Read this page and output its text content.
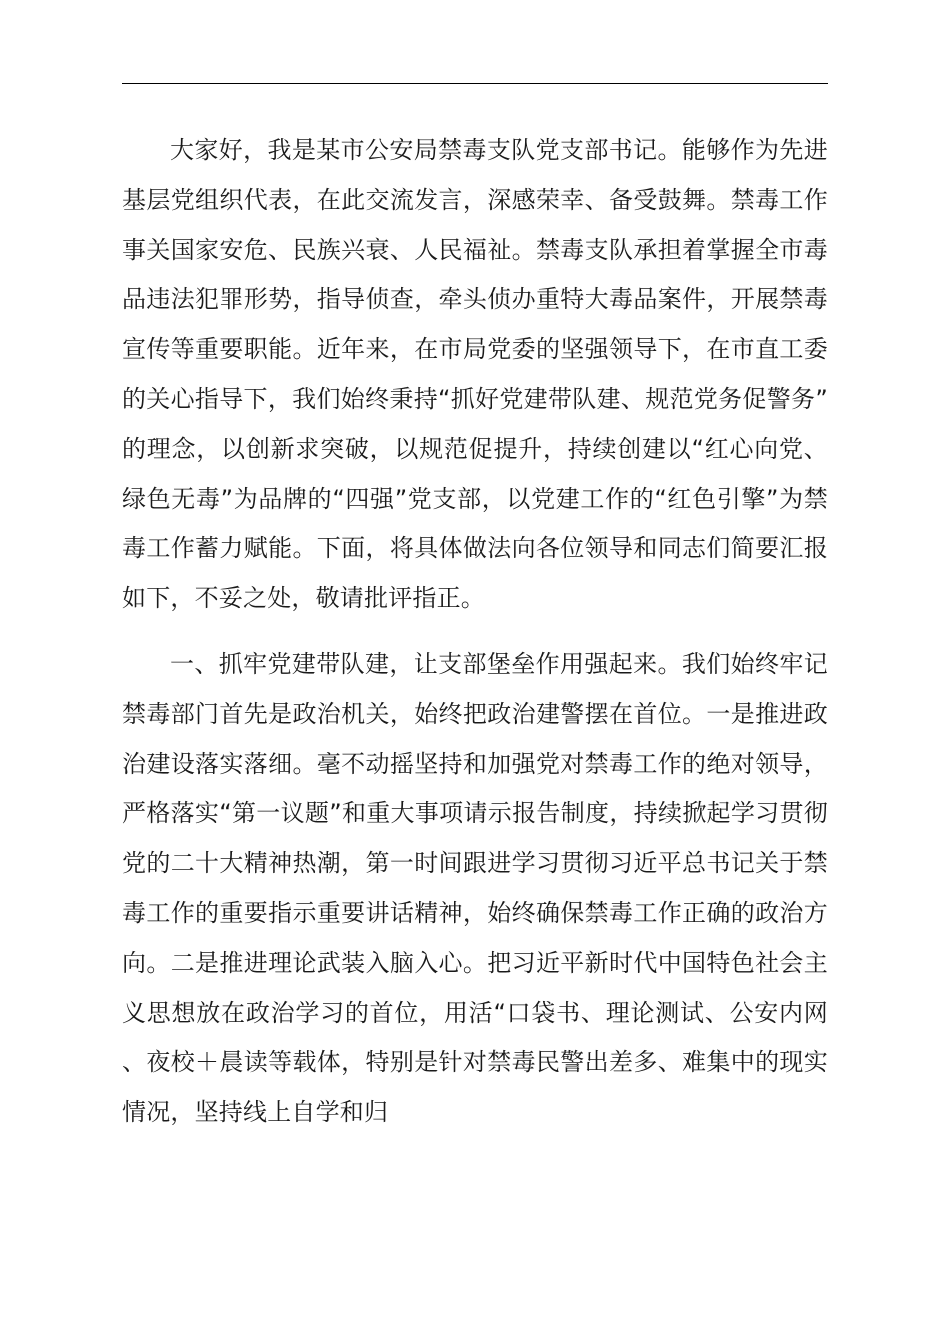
大家好，我是某市公安局禁毒支队党支部书记。能够作为先进基层党组织代表，在此交流发言，深感荣幸、备受鼓舞。禁毒工作事关国家安危、民族兴衰、人民福祉。禁毒支队承担着掌握全市毒品违法犯罪形势，指导侦查，牵头侦办重特大毒品案件，开展禁毒宣传等重要职能。近年来，在市局党委的坚强领导下，在市直工委的关心指导下，我们始终秉持“抓好党建带队建、规范党务促警务”的理念，以创新求突破，以规范促提升，持续创建以“红心向党、绿色无毒”为品牌的“四强”党支部，以党建工作的“红色引擎”为禁毒工作蓄力赋能。下面，将具体做法向各位领导和同志们简要汇报如下，不妥之处，敬请批评指正。

一、抓牢党建带队建，让支部堡垒作用强起来。我们始终牢记禁毒部门首先是政治机关，始终把政治建警摆在首位。一是推进政治建设落实落细。毫不动摇坚持和加强党对禁毒工作的绝对领导，严格落实“第一议题”和重大事项请示报告制度，持续掀起学习贯彻党的二十大精神热潮，第一时间跟进学习贯彻习近平总书记关于禁毒工作的重要指示重要讲话精神，始终确保禁毒工作正确的政治方向。二是推进理论武装入脑入心。把习近平新时代中国特色社会主义思想放在政治学习的首位，用活“口袋书、理论测试、公安内网、夜校＋晨读等载体，特别是针对禁毒民警出差多、难集中的现实情况，坚持线上自学和归
